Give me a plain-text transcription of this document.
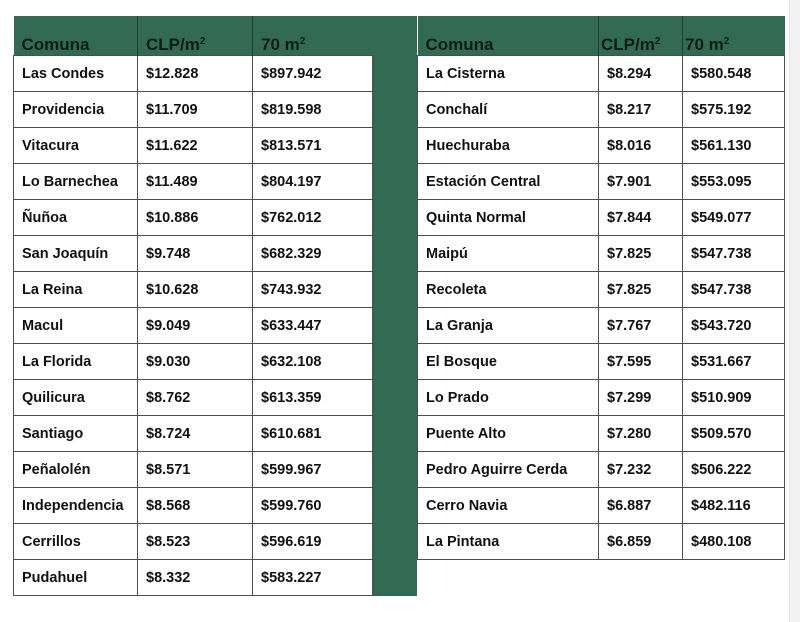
Comuna	CLP/$m^2$	70 $m^2$
Las Condes	$12.828	$897.942
Providencia	$11.709	$819.598
Vitacura	$11.622	$813.571
Lo Barnechea	$11.489	$804.197
Ñuñoa	$10.886	$762.012
San Joaquín	$9.748	$682.329
La Reina	$10.628	$743.932
Macul	$9.049	$633.447
La Florida	$9.030	$632.108
Quilicura	$8.762	$613.359
Santiago	$8.724	$610.681
Peñalolén	$8.571	$599.967
Independencia	$8.568	$599.760
Cerrillos	$8.523	$596.619
Pudahuel	$8.332	$583.227
Comuna	CLP/$m^2$	70 $m^2$
La Cisterna	$8.294	$580.548
Conchalí	$8.217	$575.192
Huechuraba	$8.016	$561.130
Estación Central	$7.901	$553.095
Quinta Normal	$7.844	$549.077
Maipú	$7.825	$547.738
Recoleta	$7.825	$547.738
La Granja	$7.767	$543.720
El Bosque	$7.595	$531.667
Lo Prado	$7.299	$510.909
Puente Alto	$7.280	$509.570
Pedro Aguirre Cerda	$7.232	$506.222
Cerro Navia	$6.887	$482.116
La Pintana	$6.859	$480.108
